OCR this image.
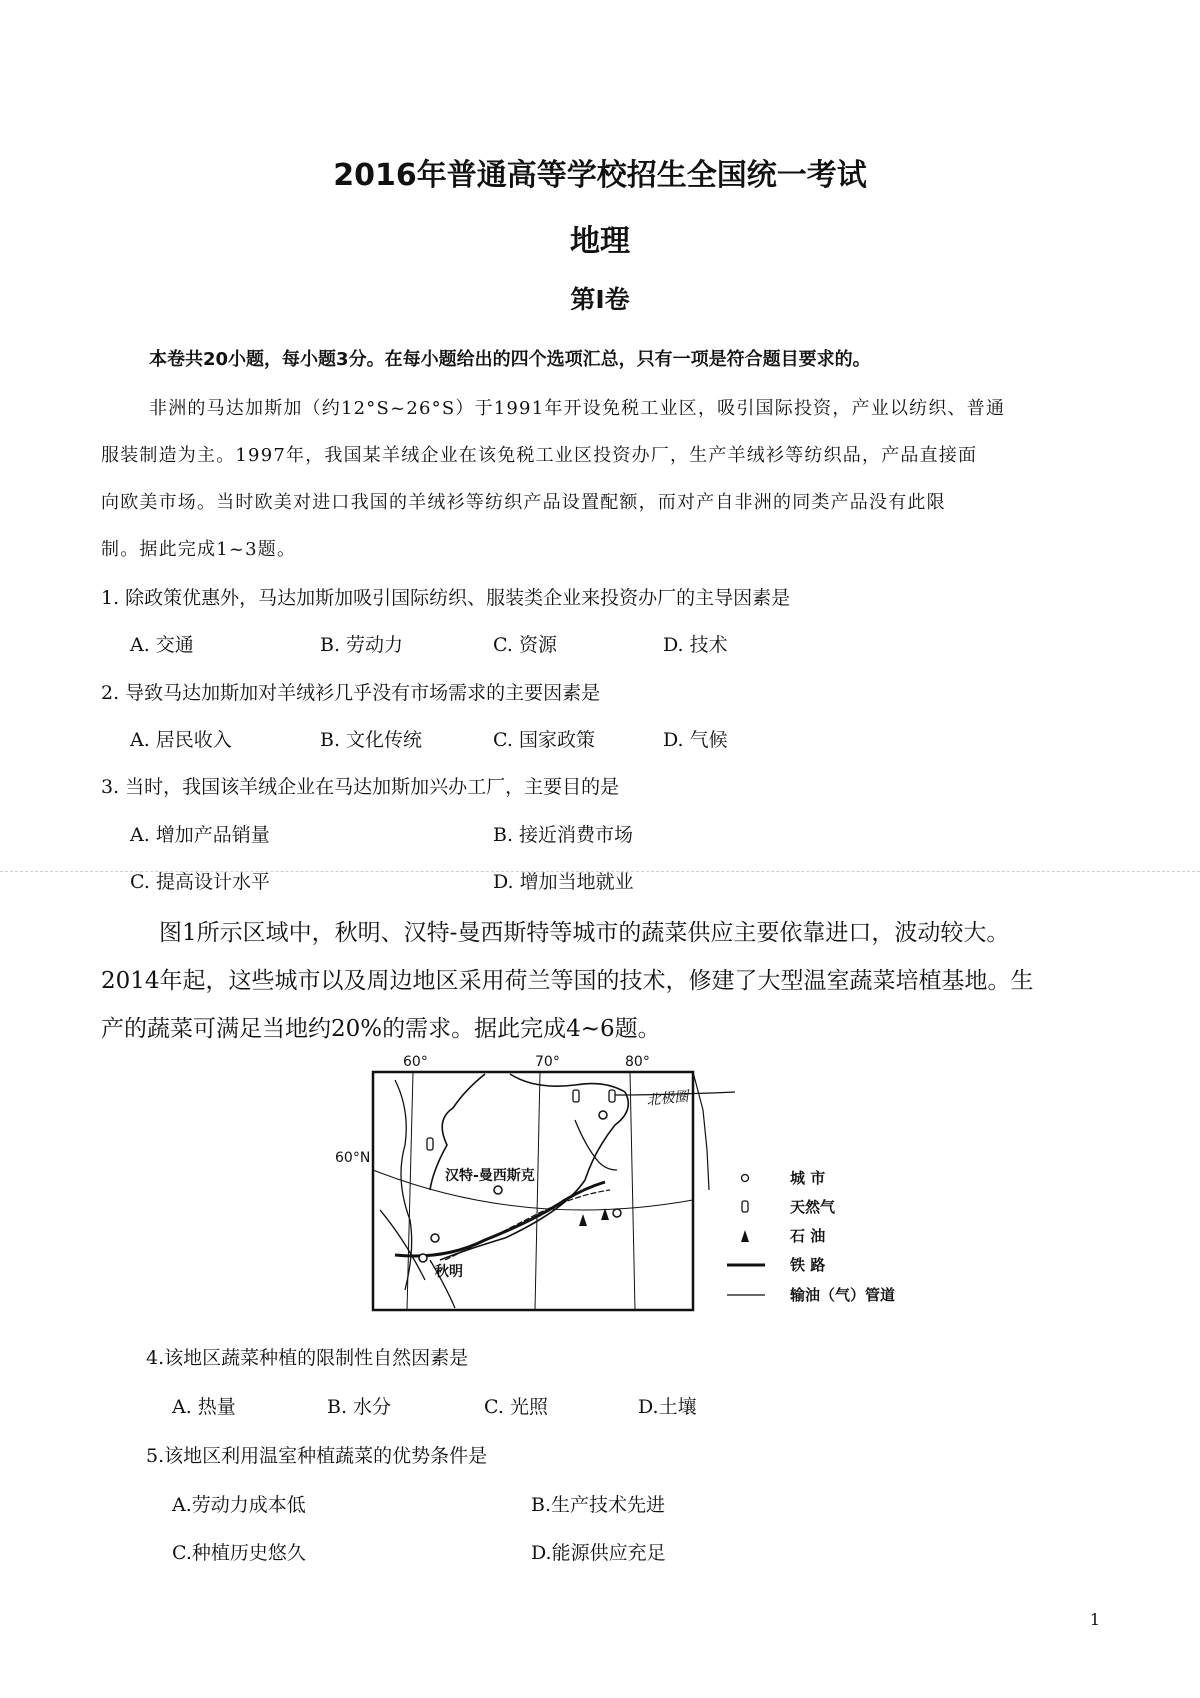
2016年普通高等学校招生全国统一考试
地理
第I卷
本卷共20小题，每小题3分。在每小题给出的四个选项汇总，只有一项是符合题目要求的。
非洲的马达加斯加（约12°S~26°S）于1991年开设免税工业区，吸引国际投资，产业以纺织、普通
服装制造为主。1997年，我国某羊绒企业在该免税工业区投资办厂，生产羊绒衫等纺织品，产品直接面
向欧美市场。当时欧美对进口我国的羊绒衫等纺织产品设置配额，而对产自非洲的同类产品没有此限
制。据此完成1~3题。
1. 除政策优惠外，马达加斯加吸引国际纺织、服装类企业来投资办厂的主导因素是
A. 交通	B. 劳动力	C. 资源	D. 技术
2. 导致马达加斯加对羊绒衫几乎没有市场需求的主要因素是
A. 居民收入	B. 文化传统	C. 国家政策	D. 气候
3. 当时，我国该羊绒企业在马达加斯加兴办工厂，主要目的是
A. 增加产品销量	B. 接近消费市场
C. 提高设计水平	D. 增加当地就业
图1所示区域中，秋明、汉特-曼西斯特等城市的蔬菜供应主要依靠进口，波动较大。
2014年起，这些城市以及周边地区采用荷兰等国的技术，修建了大型温室蔬菜培植基地。生
产的蔬菜可满足当地约20%的需求。据此完成4~6题。
60°	70°	80°
60°N
北极圈
汉特-曼西斯克
秋明
城 市
天然气
石 油
铁 路
输油（气）管道
4.该地区蔬菜种植的限制性自然因素是
A. 热量	B. 水分	C. 光照	D.土壤
5.该地区利用温室种植蔬菜的优势条件是
A.劳动力成本低	B.生产技术先进
C.种植历史悠久	D.能源供应充足
1
